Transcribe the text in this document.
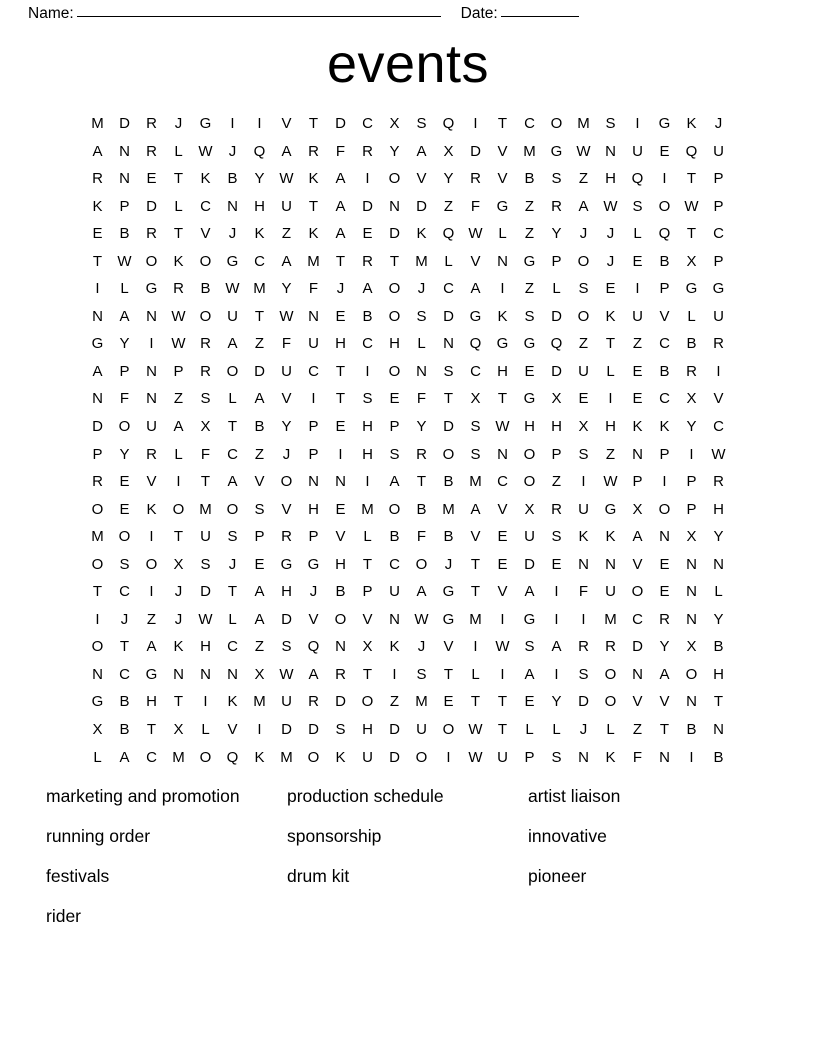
Name:	Date:
events
M	D	R	J	G	I	I	V	T	D	C	X	S	Q	I	T	C	O M	S	I	G	K	J
A	N	R	L	W	J	Q	A	R	F	R	Y	A	X	D	V	M G W N	U	E	Q	U
R	N	E	T	K	B	Y W K	A	I	O	V	Y	R	V	B	S	Z	H	Q	I	T	P
K	P	D	L	C	N	H	U	T	A	D	N	D	Z	F	G	Z	R	A W S	O W P
E	B	R	T	V	J	K	Z	K	A	E	D	K	Q W	L	Z	Y	J	J	L	Q	T	C
T	W O	K	O	G	C	A	M	T	R	T	M	L	V	N	G	P	O	J	E	B	X	P
I	L	G	R	B W M	Y	F	J	A	O	J	C	A	I	Z	L	S	E	I	P	G	G
N	A	N W O	U	T	W N	E	B	O	S	D	G	K	S	D	O	K	U	V	L	U
G	Y	I	W R	A	Z	F	U	H	C	H	L	N	Q	G	G	Q	Z	T	Z	C	B	R
A	P	N	P	R	O	D	U	C	T	I	O	N	S	C	H	E	D	U	L	E	B	R	I
N	F	N	Z	S	L	A	V	I	T	S	E	F	T	X	T	G	X	E	I	E	C	X	V
D	O	U	A	X	T	B	Y	P	E	H	P	Y	D	S W H	H	X	H	K	K	Y	C
P	Y	R	L	F	C	Z	J	P	I	H	S	R	O	S	N	O	P	S	Z	N	P	I	W
R	E	V	I	T	A	V	O	N	N	I	A	T	B	M	C	O	Z	I	W P	I	P	R
O	E	K	O M O	S	V	H	E	M O	B	M	A	V	X	R	U	G	X	O	P	H
M O	I	T	U	S	P	R	P	V	L	B	F	B	V	E	U	S	K	K	A	N	X	Y
O	S	O	X	S	J	E	G	G	H	T	C	O	J	T	E	D	E	N	N	V	E	N	N
T	C	I	J	D	T	A	H	J	B	P	U	A	G	T	V	A	I	F	U	O	E	N	L
I	J	Z	J	W	L	A	D	V	O	V	N W G M	I	G	I	I	M	C	R	N	Y
O	T	A	K	H	C	Z	S	Q	N	X	K	J	V	I	W S	A	R	R	D	Y	X	B
N	C	G	N	N	N	X W A	R	T	I	S	T	L	I	A	I	S	O	N	A	O	H
G	B	H	T	I	K	M	U	R	D	O	Z	M	E	T	T	E	Y	D	O	V	V	N	T
X	B	T	X	L	V	I	D	D	S	H	D	U	O W	T	L	L	J	L	Z	T	B	N
L	A	C	M O	Q	K	M O	K	U	D	O	I	W U	P	S	N	K	F	N	I	B
marketing and promotion	production schedule	artist liaison
running order	sponsorship	innovative
festivals	drum kit	pioneer
rider
